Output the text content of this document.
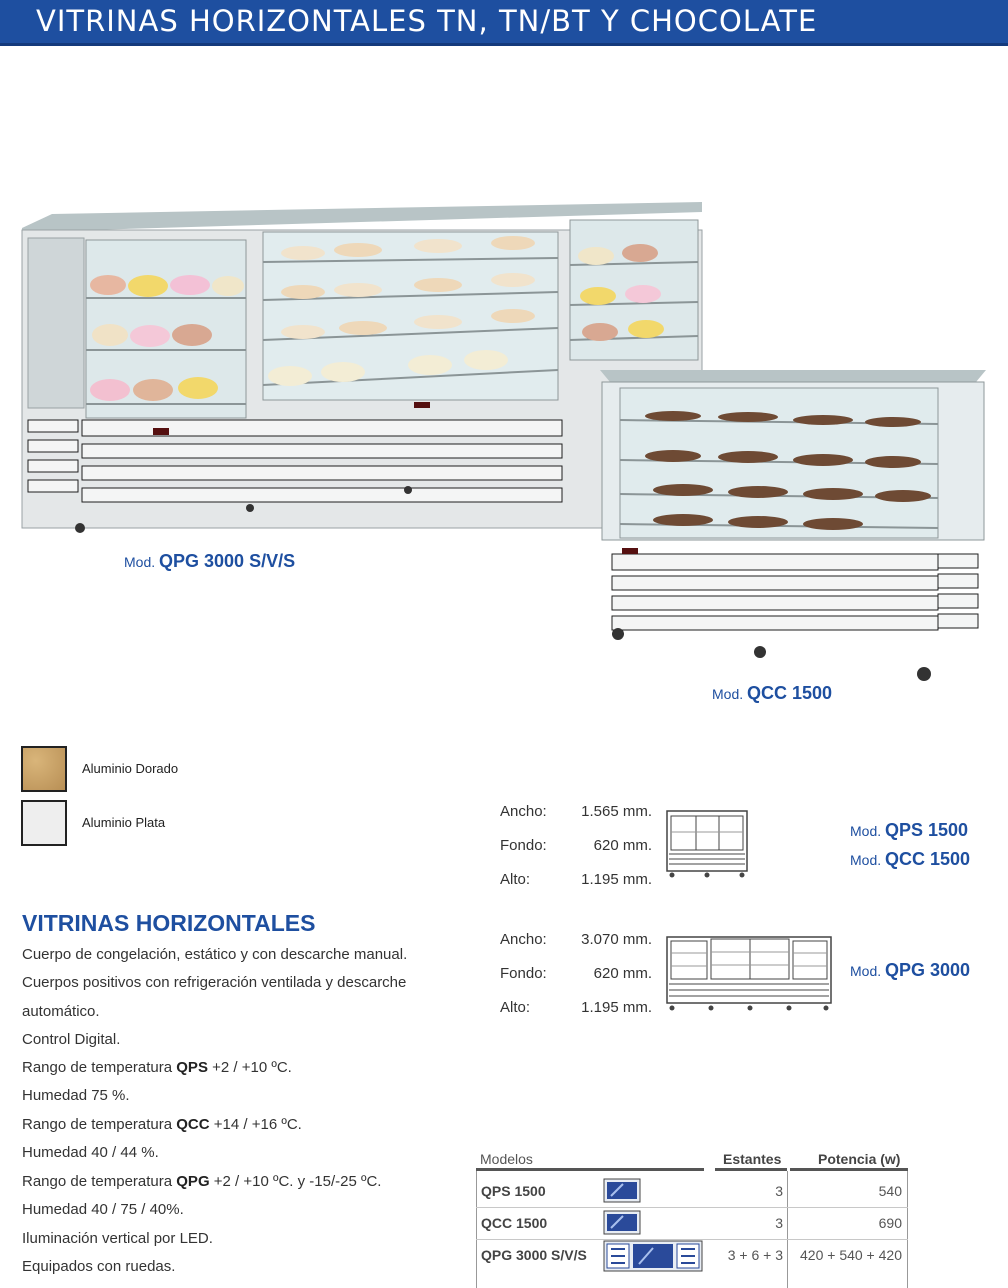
VITRINAS HORIZONTALES TN, TN/BT Y CHOCOLATE
Mod. QPG 3000 S/V/S
Mod. QCC 1500
Aluminio Dorado
Aluminio Plata
Ancho:	1.565 mm.
Fondo:	620 mm.
Alto:	1.195 mm.
Mod. QPS 1500
Mod. QCC 1500
Ancho:	3.070 mm.
Fondo:	620 mm.
Alto:	1.195 mm.
Mod. QPG 3000
VITRINAS HORIZONTALES
Cuerpo de congelación, estático y con descarche manual.
Cuerpos positivos con refrigeración ventilada y descarche
automático.
Control Digital.
Rango de temperatura QPS +2 / +10 ºC.
Humedad 75 %.
Rango de temperatura QCC +14 / +16 ºC.
Humedad 40 / 44 %.
Rango de temperatura QPG +2 / +10 ºC. y -15/-25 ºC.
Humedad 40 / 75 / 40%.
Iluminación vertical por LED.
Equipados con ruedas.
Modelos	Estantes	Potencia (w)
QPS 1500	3	540
QCC 1500	3	690
QPG 3000 S/V/S	3 + 6 + 3	420 + 540 + 420
